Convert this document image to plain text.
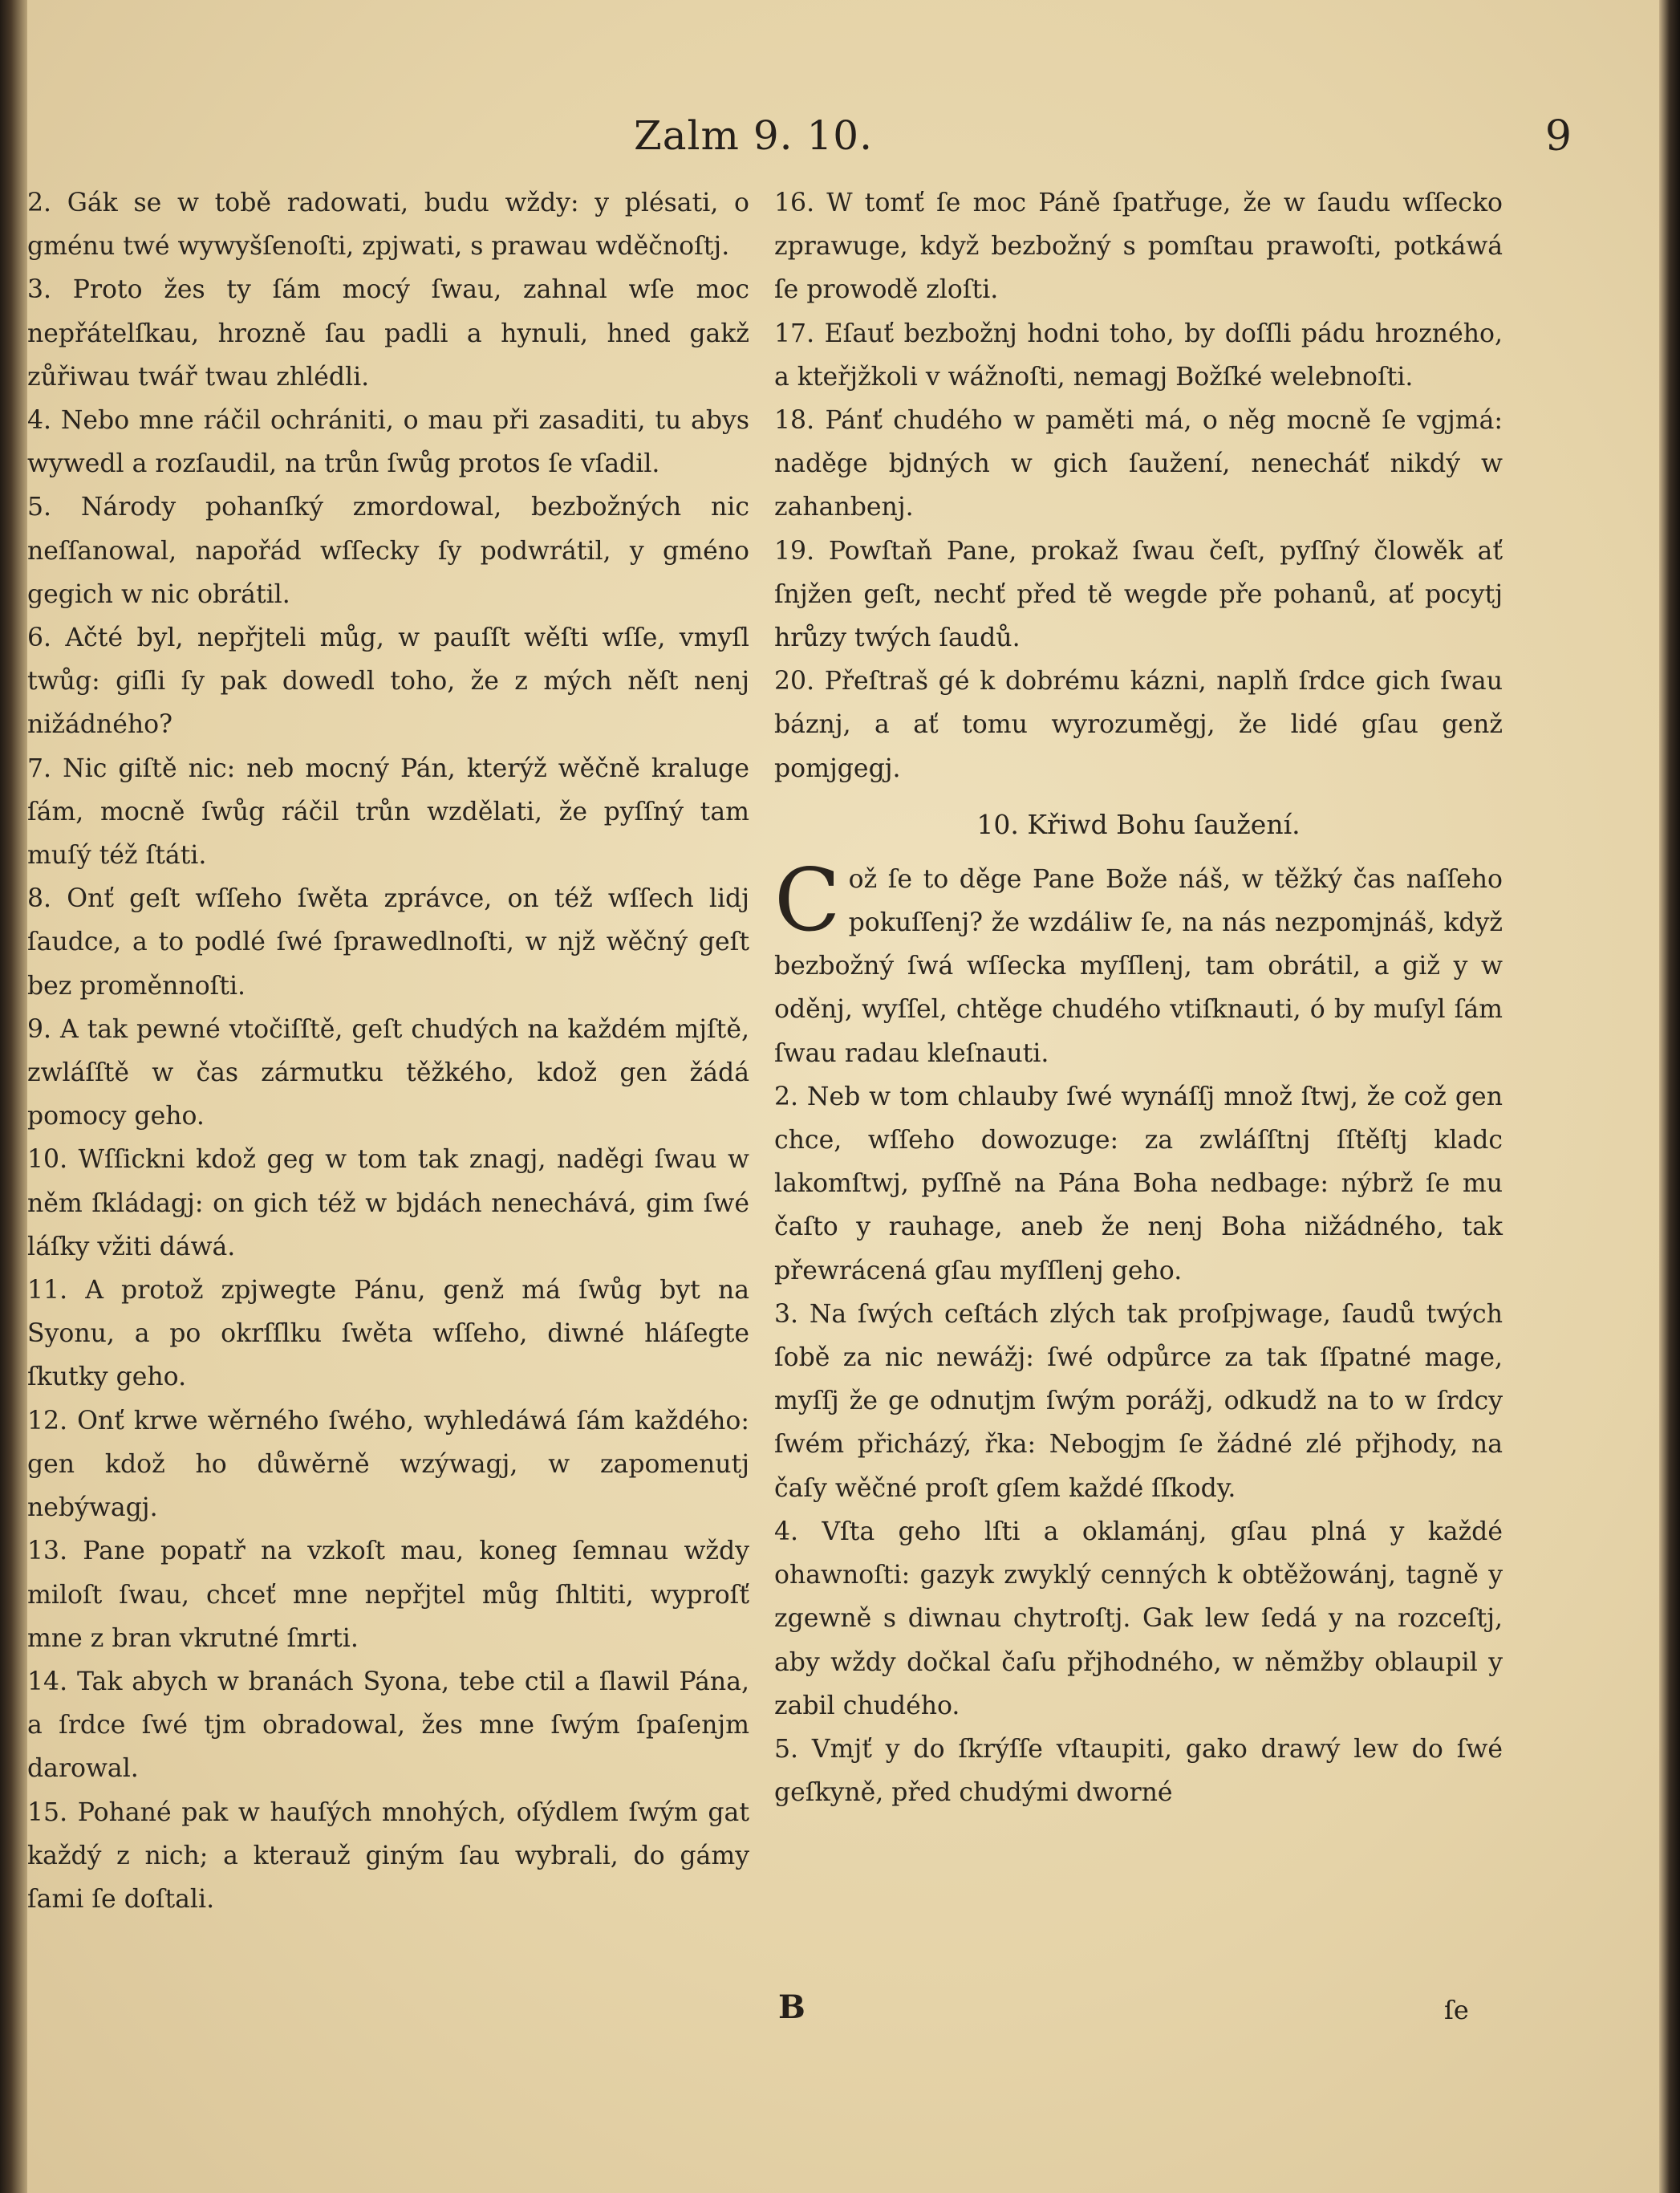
Zalm 9. 10.	9

2. Gák se w tobě radowati, budu wždy: y plésati, o gménu twé wywyšſenoſti, zpjwati, s prawau wděčnoſtj.

3. Proto žes ty ſám mocý ſwau, zahnal wſe moc nepřátelſkau, hrozně ſau padli a hynuli, hned gakž zůřiwau twář twau zhlédli.

4. Nebo mne ráčil ochrániti, o mau při zasaditi, tu abys wywedl a rozſaudil, na trůn ſwůg protos ſe vſadil.

5. Národy pohanſký zmordowal, bezbožných nic neſſanowal, napořád wſſecky ſy podwrátil, y gméno gegich w nic obrátil.

6. Ačté byl, nepřjteli můg, w pauſſt wěſti wſſe, vmyſl twůg: giſli ſy pak dowedl toho, že z mých něſt nenj nižádného?

7. Nic giſtě nic: neb mocný Pán, kterýž wěčně kraluge ſám, mocně ſwůg ráčil trůn wzdělati, že pyſſný tam muſý též ſtáti.

8. Onť geſt wſſeho ſwěta zprávce, on též wſſech lidj ſaudce, a to podlé ſwé ſprawedlnoſti, w njž wěčný geſt bez proměnnoſti.

9. A tak pewné vtočiſſtě, geſt chudých na každém mjſtě, zwláſſtě w čas zármutku těžkého, kdož gen žádá pomocy geho.

10. Wſſickni kdož geg w tom tak znagj, naděgi ſwau w něm ſkládagj: on gich též w bjdách nenechává, gim ſwé láſky vžiti dáwá.

11. A protož zpjwegte Pánu, genž má ſwůg byt na Syonu, a po okrſſlku ſwěta wſſeho, diwné hláſegte ſkutky geho.

12. Onť krwe wěrného ſwého, wyhledáwá ſám každého: gen kdož ho důwěrně wzýwagj, w zapomenutj nebýwagj.

13. Pane popatř na vzkoſt mau, koneg ſemnau wždy miloſt ſwau, chceť mne nepřjtel můg ſhltiti, wyproſť mne z bran vkrutné ſmrti.

14. Tak abych w branách Syona, tebe ctil a ſlawil Pána, a ſrdce ſwé tjm obradowal, žes mne ſwým ſpaſenjm darowal.

15. Pohané pak w hauſých mnohých, oſýdlem ſwým gat každý z nich; a kterauž giným ſau wybrali, do gámy ſami ſe doſtali.

16. W tomť ſe moc Páně ſpatřuge, že w ſaudu wſſecko zprawuge, když bezbožný s pomſtau prawoſti, potkáwá ſe prowodě zloſti.

17. Eſauť bezbožnj hodni toho, by doſſli pádu hrozného, a kteřjžkoli v wážnoſti, nemagj Božſké welebnoſti.

18. Pánť chudého w paměti má, o něg mocně ſe vgjmá: naděge bjdných w gich ſaužení, nenecháť nikdý w zahanbenj.

19. Powſtaň Pane, prokaž ſwau čeſt, pyſſný člowěk ať ſnjžen geſt, nechť před tě wegde pře pohanů, ať pocytj hrůzy twých ſaudů.

20. Přeſtraš gé k dobrému kázni, naplň ſrdce gich ſwau báznj, a ať tomu wyrozuměgj, že lidé gſau genž pomjgegj.

10. Křiwd Bohu ſaužení.

Což ſe to děge Pane Bože náš, w těžký čas naſſeho pokuſſenj? že wzdáliw ſe, na nás nezpomjnáš, když bezbožný ſwá wſſecka myſſlenj, tam obrátil, a giž y w oděnj, wyſſel, chtěge chudého vtiſknauti, ó by muſyl ſám ſwau radau kleſnauti.

2. Neb w tom chlauby ſwé wynáſſj množ ſtwj, že což gen chce, wſſeho dowozuge: za zwláſſtnj ſſtěſtj kladc lakomſtwj, pyſſně na Pána Boha nedbage: nýbrž ſe mu čaſto y rauhage, aneb že nenj Boha nižádného, tak přewrácená gſau myſſlenj geho.

3. Na ſwých ceſtách zlých tak proſpjwage, ſaudů twých ſobě za nic newážj: ſwé odpůrce za tak ſſpatné mage, myſſj že ge odnutjm ſwým porážj, odkudž na to w ſrdcy ſwém přicházý, řka: Nebogjm ſe žádné zlé přjhody, na čaſy wěčné proſt gſem každé ſſkody.

4. Vſta geho lſti a oklamánj, gſau plná y každé ohawnoſti: gazyk zwyklý cenných k obtěžowánj, tagně y zgewně s diwnau chytroſtj. Gak lew ſedá y na rozceſtj, aby wždy dočkal čaſu přjhodného, w němžby oblaupil y zabil chudého.

5. Vmjť y do ſkrýſſe vſtaupiti, gako drawý lew do ſwé geſkyně, před chudými dworné

B	ſe
